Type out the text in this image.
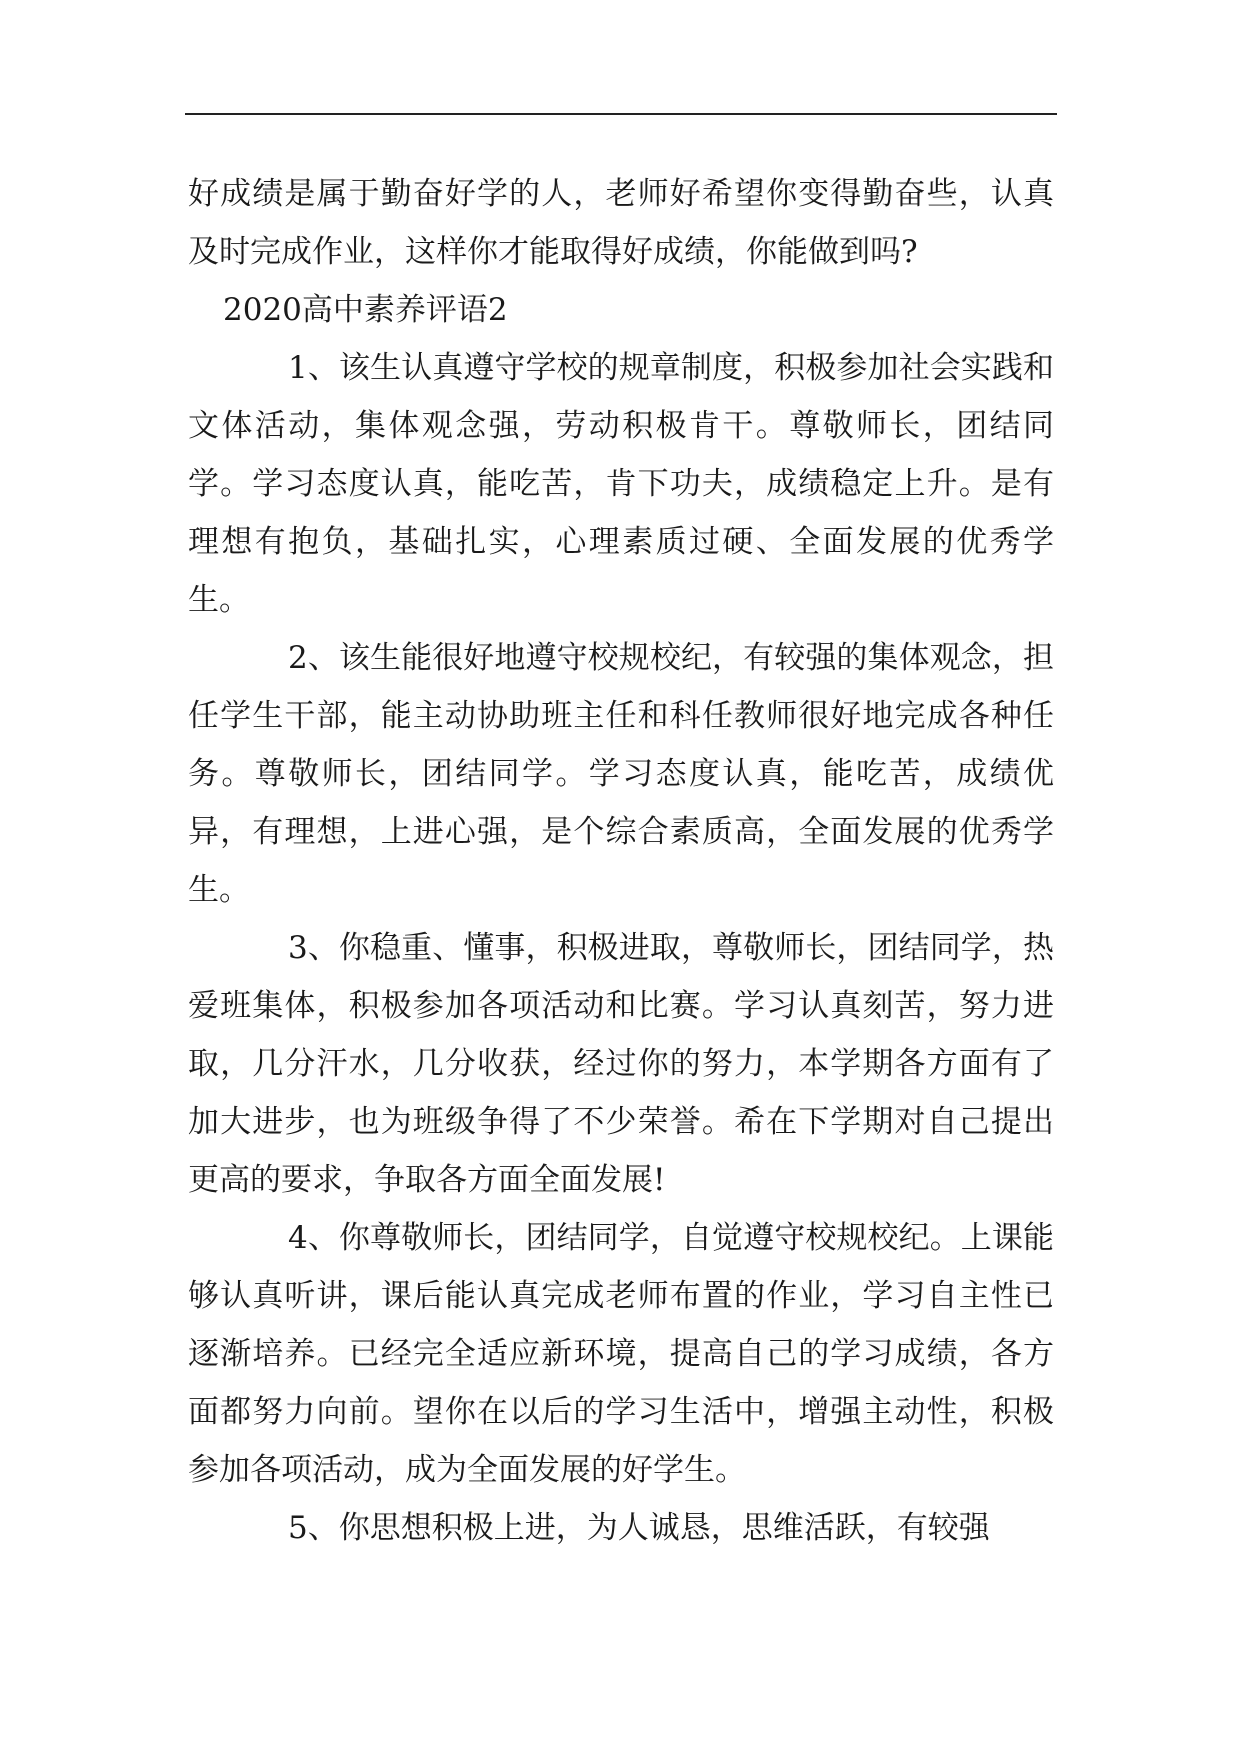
好成绩是属于勤奋好学的人，老师好希望你变得勤奋些，认真及时完成作业，这样你才能取得好成绩，你能做到吗?

2020高中素养评语2

1、该生认真遵守学校的规章制度，积极参加社会实践和文体活动，集体观念强，劳动积极肯干。尊敬师长，团结同学。学习态度认真，能吃苦，肯下功夫，成绩稳定上升。是有理想有抱负，基础扎实，心理素质过硬、全面发展的优秀学生。

2、该生能很好地遵守校规校纪，有较强的集体观念，担任学生干部，能主动协助班主任和科任教师很好地完成各种任务。尊敬师长，团结同学。学习态度认真，能吃苦，成绩优异，有理想，上进心强，是个综合素质高，全面发展的优秀学生。

3、你稳重、懂事，积极进取，尊敬师长，团结同学，热爱班集体，积极参加各项活动和比赛。学习认真刻苦，努力进取，几分汗水，几分收获，经过你的努力，本学期各方面有了加大进步，也为班级争得了不少荣誉。希在下学期对自己提出更高的要求，争取各方面全面发展!

4、你尊敬师长，团结同学，自觉遵守校规校纪。上课能够认真听讲，课后能认真完成老师布置的作业，学习自主性已逐渐培养。已经完全适应新环境，提高自己的学习成绩，各方面都努力向前。望你在以后的学习生活中，增强主动性，积极参加各项活动，成为全面发展的好学生。

5、你思想积极上进，为人诚恳，思维活跃，有较强
